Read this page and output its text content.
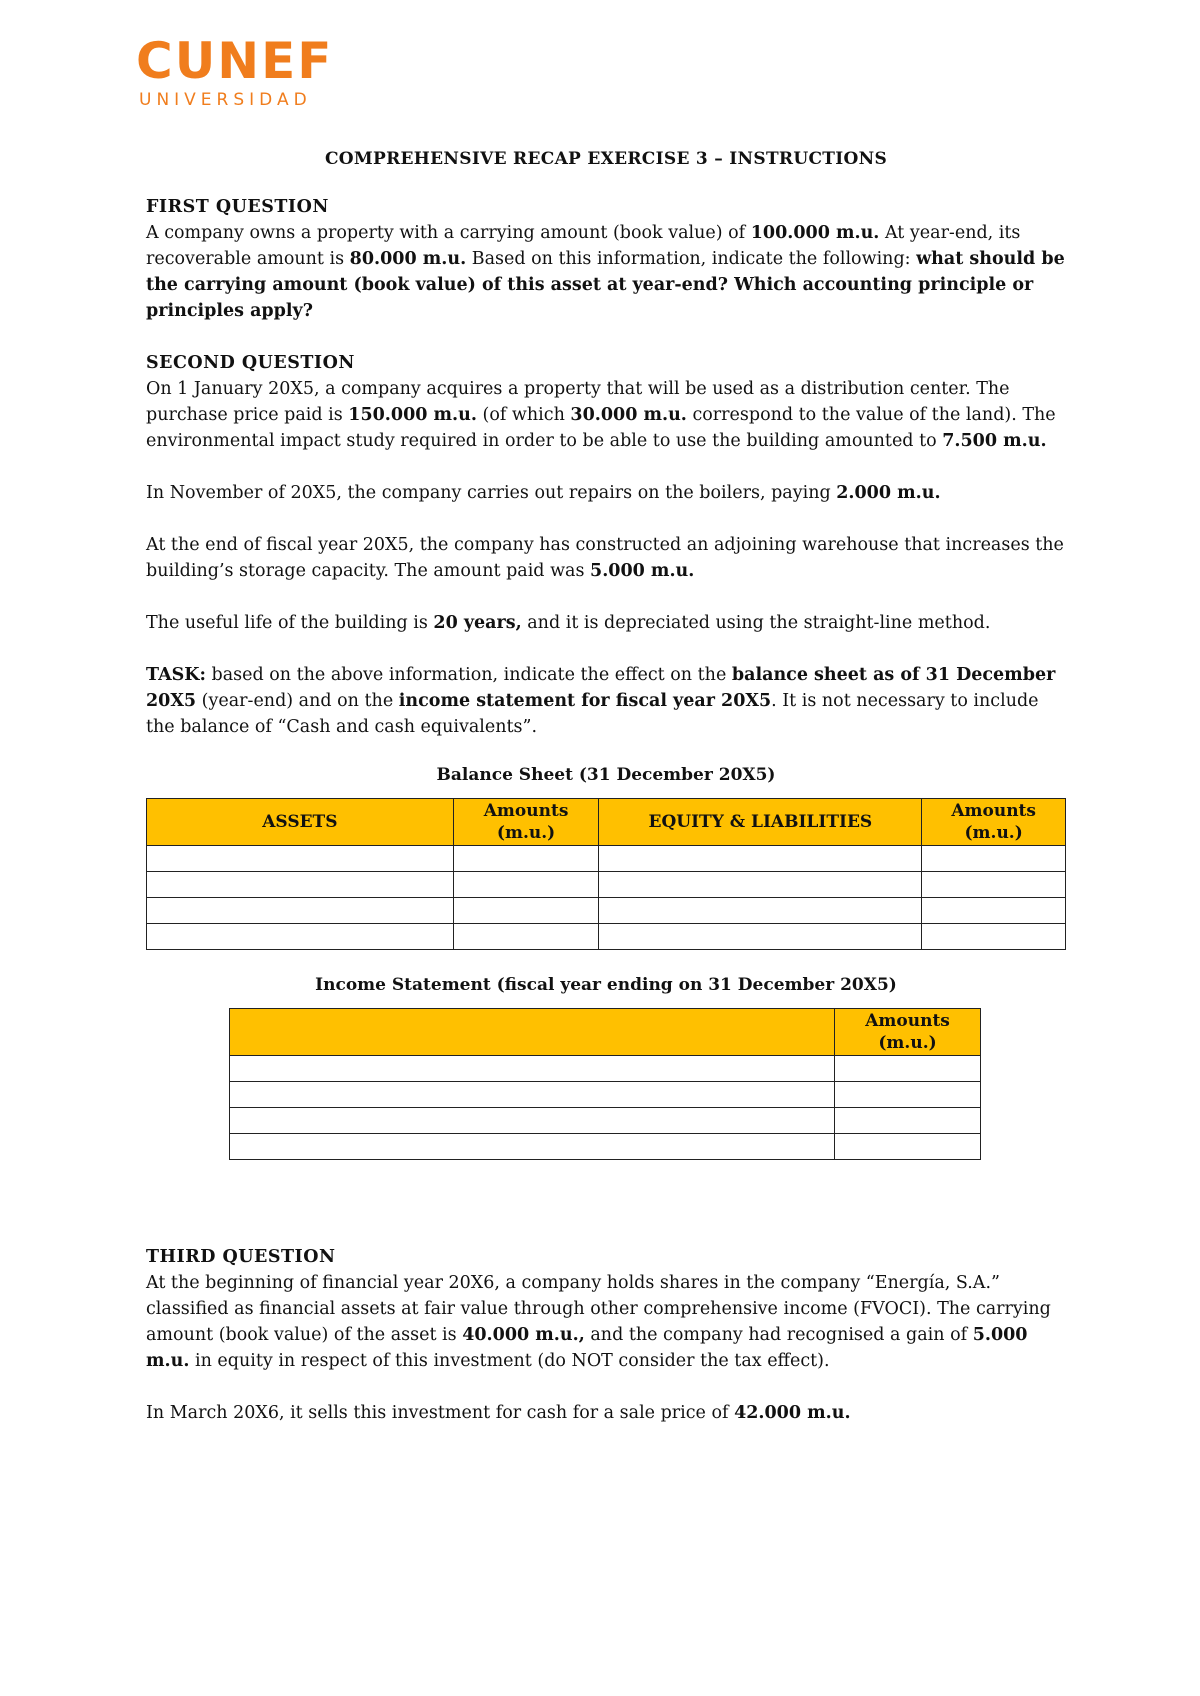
CUNEF
UNIVERSIDAD
COMPREHENSIVE RECAP EXERCISE 3 – INSTRUCTIONS
FIRST QUESTION

A company owns a property with a carrying amount (book value) of 100.000 m.u. At year-end, its recoverable amount is 80.000 m.u. Based on this information, indicate the following: what should be the carrying amount (book value) of this asset at year-end? Which accounting principle or principles apply?

SECOND QUESTION

On 1 January 20X5, a company acquires a property that will be used as a distribution center. The purchase price paid is 150.000 m.u. (of which 30.000 m.u. correspond to the value of the land). The environmental impact study required in order to be able to use the building amounted to 7.500 m.u.

In November of 20X5, the company carries out repairs on the boilers, paying 2.000 m.u.

At the end of fiscal year 20X5, the company has constructed an adjoining warehouse that increases the building’s storage capacity. The amount paid was 5.000 m.u.

The useful life of the building is 20 years, and it is depreciated using the straight-line method.

TASK: based on the above information, indicate the effect on the balance sheet as of 31 December 20X5 (year-end) and on the income statement for fiscal year 20X5. It is not necessary to include the balance of “Cash and cash equivalents”.

Balance Sheet (31 December 20X5)
ASSETS	Amounts (m.u.)	EQUITY & LIABILITIES	Amounts (m.u.)

Income Statement (fiscal year ending on 31 December 20X5)
	Amounts (m.u.)

THIRD QUESTION

At the beginning of financial year 20X6, a company holds shares in the company “Energía, S.A.” classified as financial assets at fair value through other comprehensive income (FVOCI). The carrying amount (book value) of the asset is 40.000 m.u., and the company had recognised a gain of 5.000 m.u. in equity in respect of this investment (do NOT consider the tax effect).

In March 20X6, it sells this investment for cash for a sale price of 42.000 m.u.
